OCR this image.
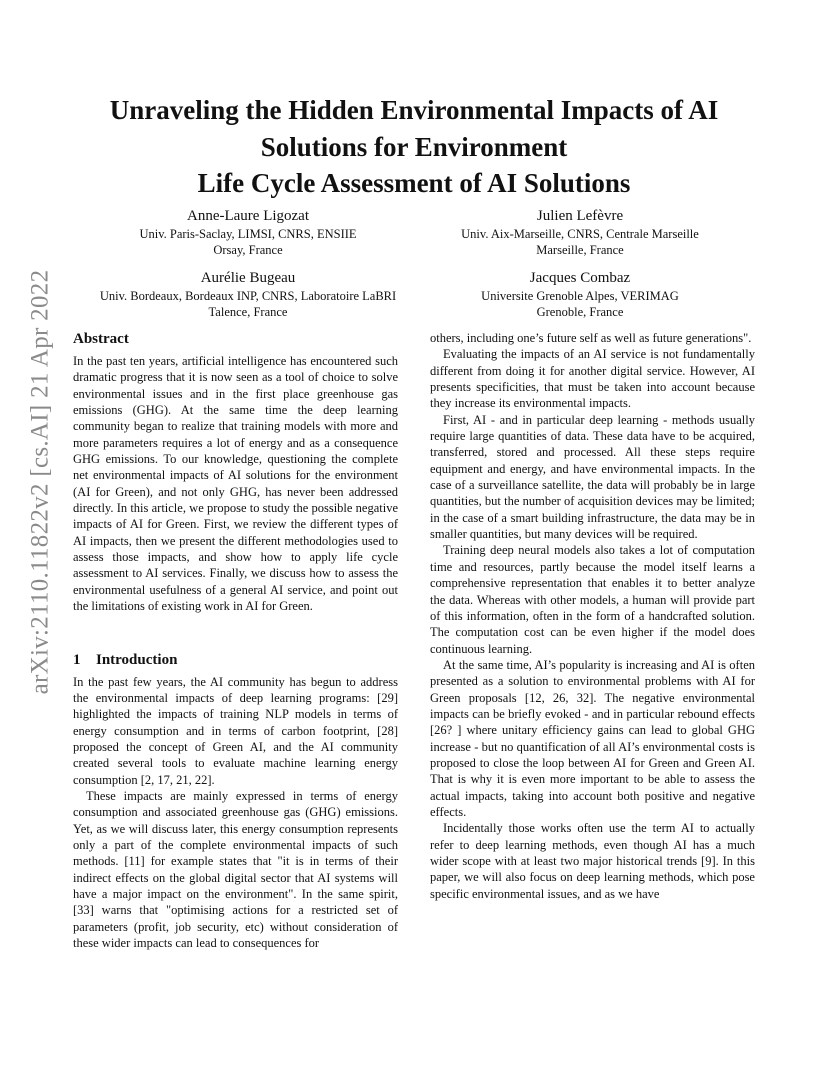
arXiv:2110.11822v2 [cs.AI] 21 Apr 2022
Unraveling the Hidden Environmental Impacts of AI
Solutions for Environment
Life Cycle Assessment of AI Solutions
Anne-Laure Ligozat
Univ. Paris-Saclay, LIMSI, CNRS, ENSIIE
Orsay, France
Julien Lefèvre
Univ. Aix-Marseille, CNRS, Centrale Marseille
Marseille, France
Aurélie Bugeau
Univ. Bordeaux, Bordeaux INP, CNRS, Laboratoire LaBRI
Talence, France
Jacques Combaz
Universite Grenoble Alpes, VERIMAG
Grenoble, France
Abstract

In the past ten years, artificial intelligence has encountered such dramatic progress that it is now seen as a tool of choice to solve environmental issues and in the first place greenhouse gas emissions (GHG). At the same time the deep learning community began to realize that training models with more and more parameters requires a lot of energy and as a consequence GHG emissions. To our knowledge, questioning the complete net environmental impacts of AI solutions for the environment (AI for Green), and not only GHG, has never been addressed directly. In this article, we propose to study the possible negative impacts of AI for Green. First, we review the different types of AI impacts, then we present the different methodologies used to assess those impacts, and show how to apply life cycle assessment to AI services. Finally, we discuss how to assess the environmental usefulness of a general AI service, and point out the limitations of existing work in AI for Green.

1 Introduction

In the past few years, the AI community has begun to address the environmental impacts of deep learning programs: [29] highlighted the impacts of training NLP models in terms of energy consumption and in terms of carbon footprint, [28] proposed the concept of Green AI, and the AI community created several tools to evaluate machine learning energy consumption [2, 17, 21, 22].

These impacts are mainly expressed in terms of energy consumption and associated greenhouse gas (GHG) emissions. Yet, as we will discuss later, this energy consumption represents only a part of the complete environmental impacts of such methods. [11] for example states that "it is in terms of their indirect effects on the global digital sector that AI systems will have a major impact on the environment". In the same spirit, [33] warns that "optimising actions for a restricted set of parameters (profit, job security, etc) without consideration of these wider impacts can lead to consequences for

others, including one’s future self as well as future generations".

Evaluating the impacts of an AI service is not fundamentally different from doing it for another digital service. However, AI presents specificities, that must be taken into account because they increase its environmental impacts.

First, AI - and in particular deep learning - methods usually require large quantities of data. These data have to be acquired, transferred, stored and processed. All these steps require equipment and energy, and have environmental impacts. In the case of a surveillance satellite, the data will probably be in large quantities, but the number of acquisition devices may be limited; in the case of a smart building infrastructure, the data may be in smaller quantities, but many devices will be required.

Training deep neural models also takes a lot of computation time and resources, partly because the model itself learns a comprehensive representation that enables it to better analyze the data. Whereas with other models, a human will provide part of this information, often in the form of a handcrafted solution. The computation cost can be even higher if the model does continuous learning.

At the same time, AI’s popularity is increasing and AI is often presented as a solution to environmental problems with AI for Green proposals [12, 26, 32]. The negative environmental impacts can be briefly evoked - and in particular rebound effects [26? ] where unitary efficiency gains can lead to global GHG increase - but no quantification of all AI’s environmental costs is proposed to close the loop between AI for Green and Green AI. That is why it is even more important to be able to assess the actual impacts, taking into account both positive and negative effects.

Incidentally those works often use the term AI to actually refer to deep learning methods, even though AI has a much wider scope with at least two major historical trends [9]. In this paper, we will also focus on deep learning methods, which pose specific environmental issues, and as we have
